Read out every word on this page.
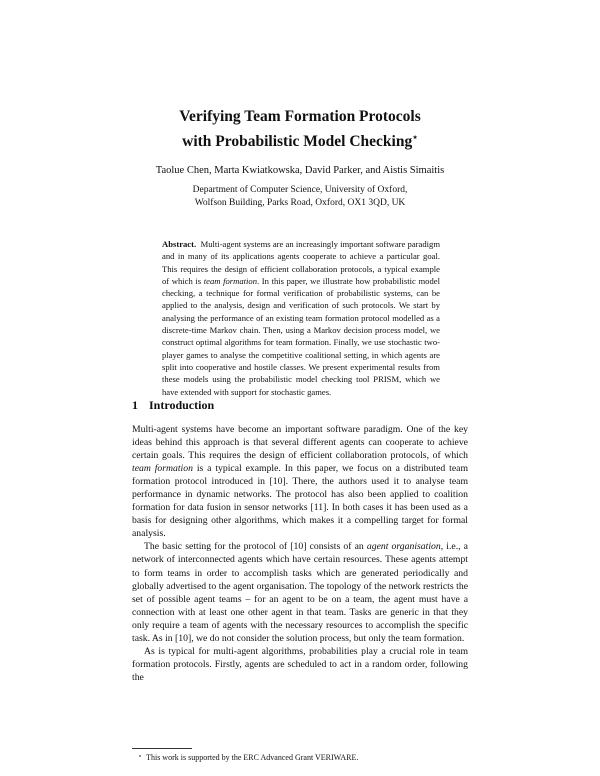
Verifying Team Formation Protocols
with Probabilistic Model Checking⋆
Taolue Chen, Marta Kwiatkowska, David Parker, and Aistis Simaitis
Department of Computer Science, University of Oxford,
Wolfson Building, Parks Road, Oxford, OX1 3QD, UK
Abstract. Multi-agent systems are an increasingly important software paradigm and in many of its applications agents cooperate to achieve a particular goal. This requires the design of efficient collaboration protocols, a typical example of which is team formation. In this paper, we illustrate how probabilistic model checking, a technique for formal verification of probabilistic systems, can be applied to the analysis, design and verification of such protocols. We start by analysing the performance of an existing team formation protocol modelled as a discrete-time Markov chain. Then, using a Markov decision process model, we construct optimal algorithms for team formation. Finally, we use stochastic two-player games to analyse the competitive coalitional setting, in which agents are split into cooperative and hostile classes. We present experimental results from these models using the probabilistic model checking tool PRISM, which we have extended with support for stochastic games.
1 Introduction

Multi-agent systems have become an important software paradigm. One of the key ideas behind this approach is that several different agents can cooperate to achieve certain goals. This requires the design of efficient collaboration protocols, of which team formation is a typical example. In this paper, we focus on a distributed team formation protocol introduced in [10]. There, the authors used it to analyse team performance in dynamic networks. The protocol has also been applied to coalition formation for data fusion in sensor networks [11]. In both cases it has been used as a basis for designing other algorithms, which makes it a compelling target for formal analysis.

The basic setting for the protocol of [10] consists of an agent organisation, i.e., a network of interconnected agents which have certain resources. These agents attempt to form teams in order to accomplish tasks which are generated periodically and globally advertised to the agent organisation. The topology of the network restricts the set of possible agent teams – for an agent to be on a team, the agent must have a connection with at least one other agent in that team. Tasks are generic in that they only require a team of agents with the necessary resources to accomplish the specific task. As in [10], we do not consider the solution process, but only the team formation.

As is typical for multi-agent algorithms, probabilities play a crucial role in team formation protocols. Firstly, agents are scheduled to act in a random order, following the

⋆ This work is supported by the ERC Advanced Grant VERIWARE.
